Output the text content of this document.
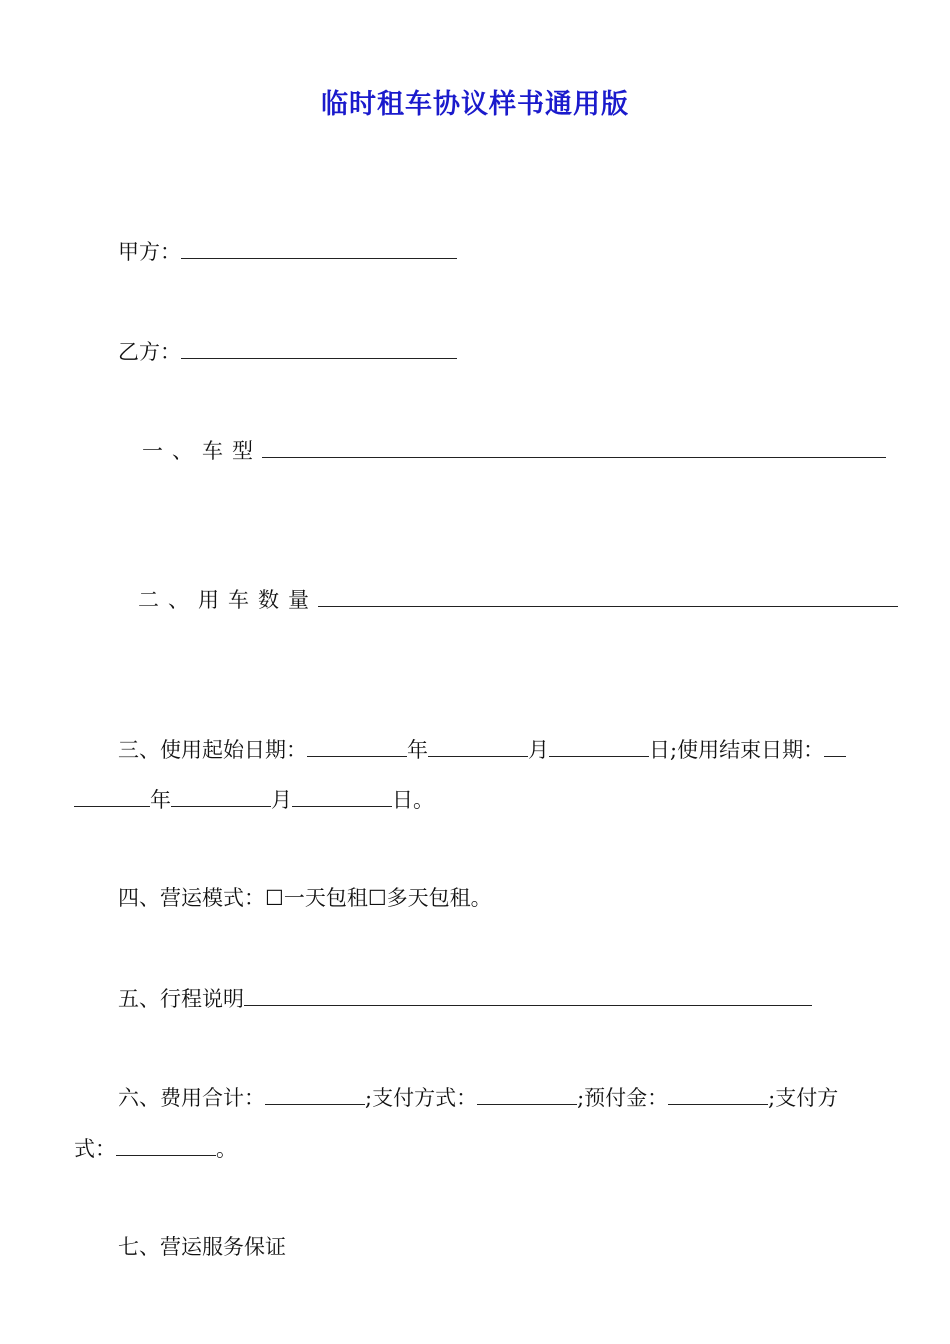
临时租车协议样书通用版
甲方：
乙方：
一、车型
二、用车数量
三、使用起始日期：	年	月	日;使用结束日期：
年	月	日。
四、营运模式：☐一天包租☐多天包租。
五、行程说明
六、费用合计：	;支付方式：	;预付金：	;支付方
式：	。
七、营运服务保证
